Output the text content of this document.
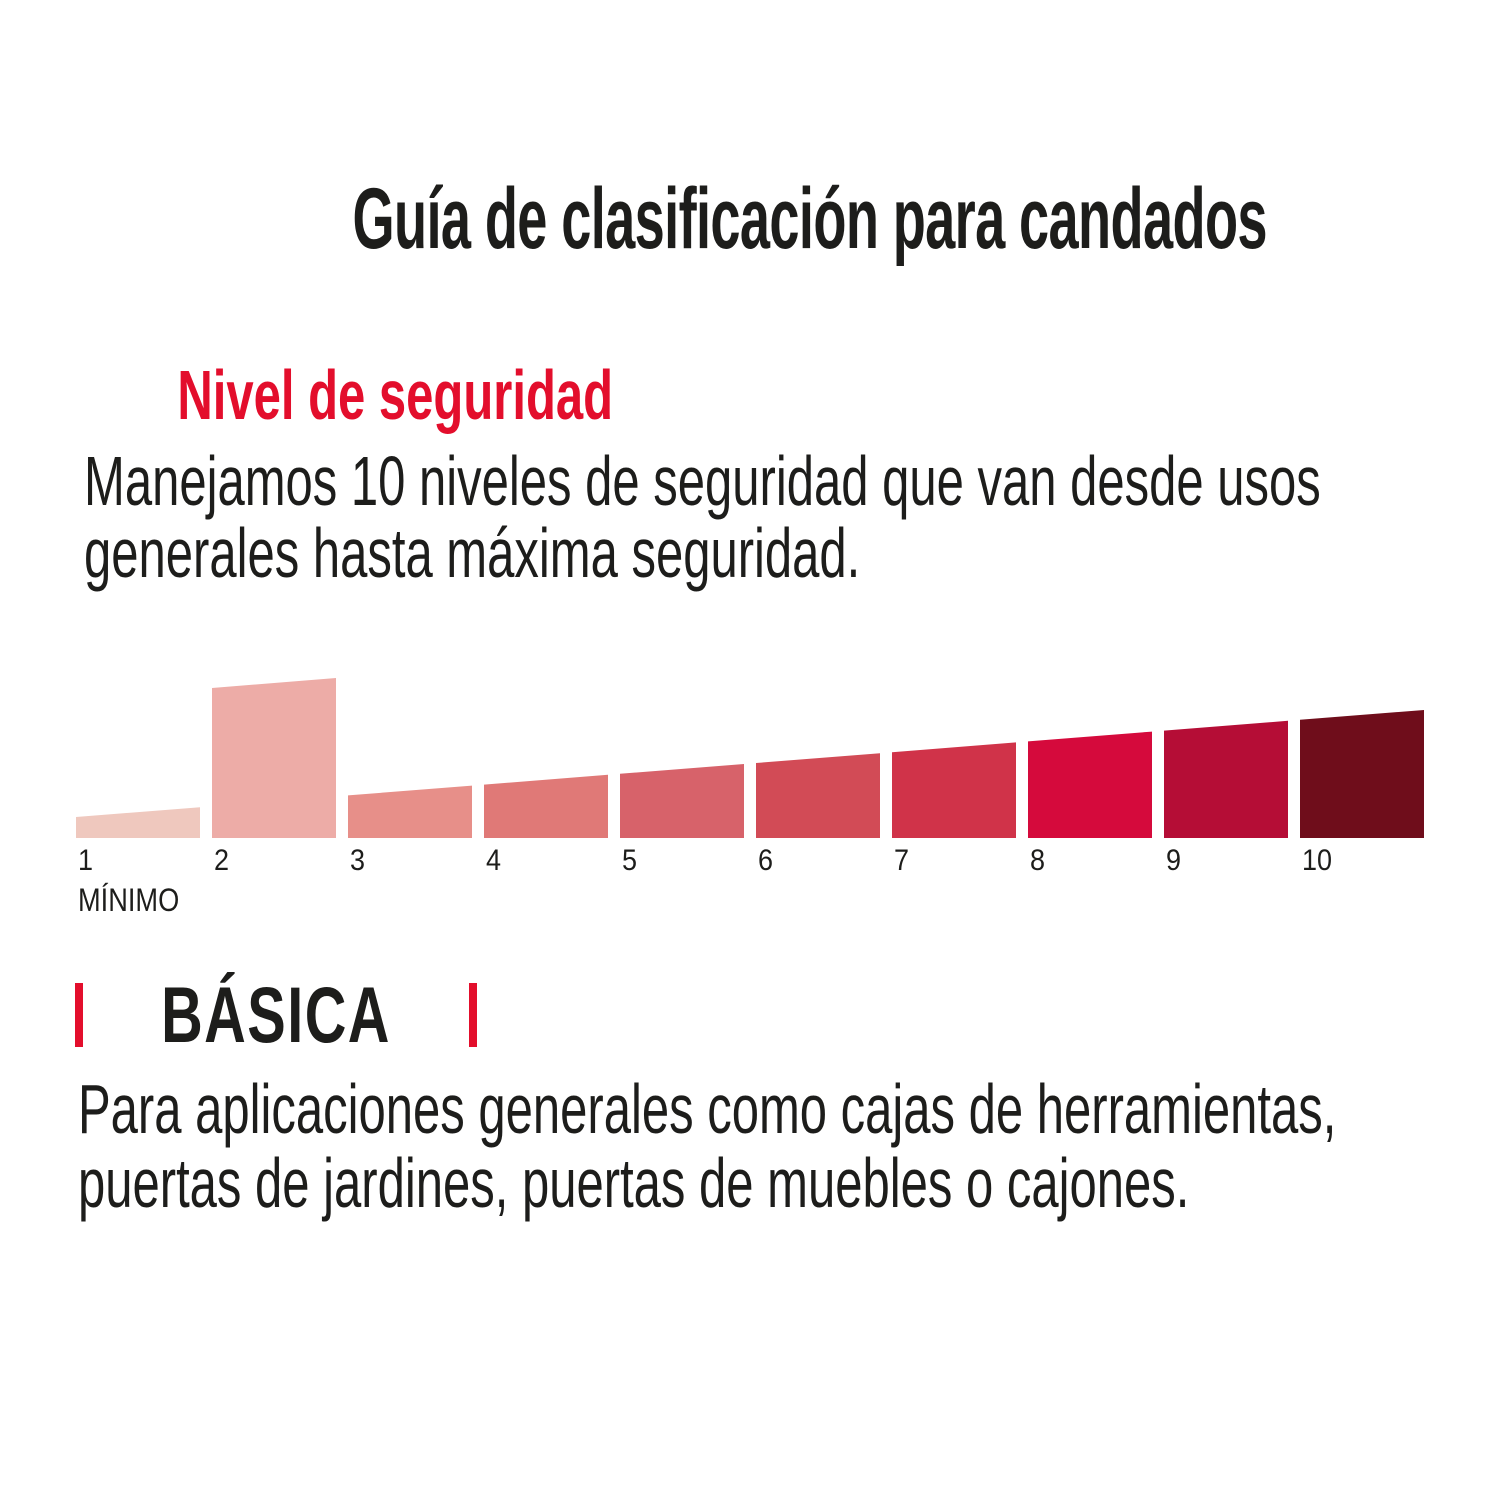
Guía de clasificación para candados
Nivel de seguridad
Manejamos 10 niveles de seguridad que van desde usos generales hasta máxima seguridad.
1	2	3	4	5	6	7	8	9	10
MÍNIMO
BÁSICA
Para aplicaciones generales como cajas de herramientas, puertas de jardines, puertas de muebles o cajones.
